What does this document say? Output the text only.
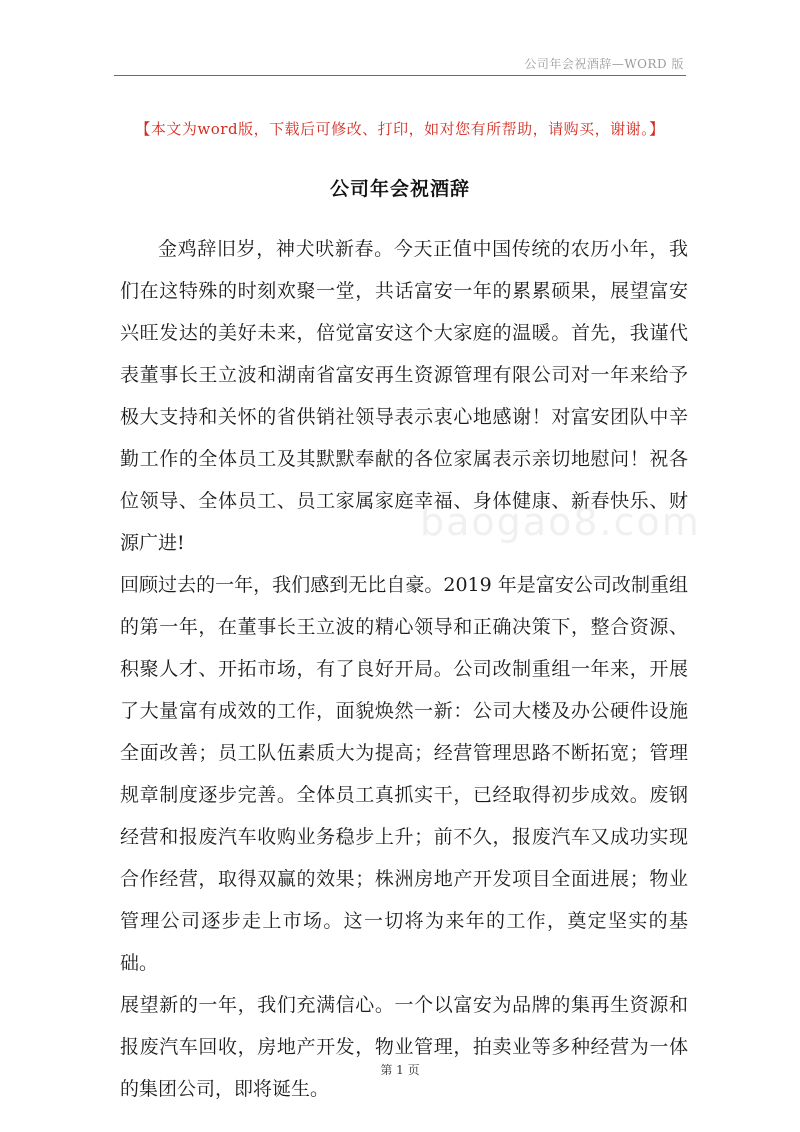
公司年会祝酒辞—WORD 版
【本文为word版，下载后可修改、打印，如对您有所帮助，请购买，谢谢。】
公司年会祝酒辞

金鸡辞旧岁，神犬吠新春。今天正值中国传统的农历小年，我们在这特殊的时刻欢聚一堂，共话富安一年的累累硕果，展望富安兴旺发达的美好未来，倍觉富安这个大家庭的温暖。首先，我谨代表董事长王立波和湖南省富安再生资源管理有限公司对一年来给予极大支持和关怀的省供销社领导表示衷心地感谢！对富安团队中辛勤工作的全体员工及其默默奉献的各位家属表示亲切地慰问！祝各位领导、全体员工、员工家属家庭幸福、身体健康、新春快乐、财源广进!

回顾过去的一年，我们感到无比自豪。2019 年是富安公司改制重组的第一年，在董事长王立波的精心领导和正确决策下，整合资源、积聚人才、开拓市场，有了良好开局。公司改制重组一年来，开展了大量富有成效的工作，面貌焕然一新：公司大楼及办公硬件设施全面改善；员工队伍素质大为提高；经营管理思路不断拓宽；管理规章制度逐步完善。全体员工真抓实干，已经取得初步成效。废钢经营和报废汽车收购业务稳步上升；前不久，报废汽车又成功实现合作经营，取得双赢的效果；株洲房地产开发项目全面进展；物业管理公司逐步走上市场。这一切将为来年的工作，奠定坚实的基础。

展望新的一年，我们充满信心。一个以富安为品牌的集再生资源和报废汽车回收，房地产开发，物业管理，拍卖业等多种经营为一体的集团公司，即将诞生。

baogao8.com
第 1 页
